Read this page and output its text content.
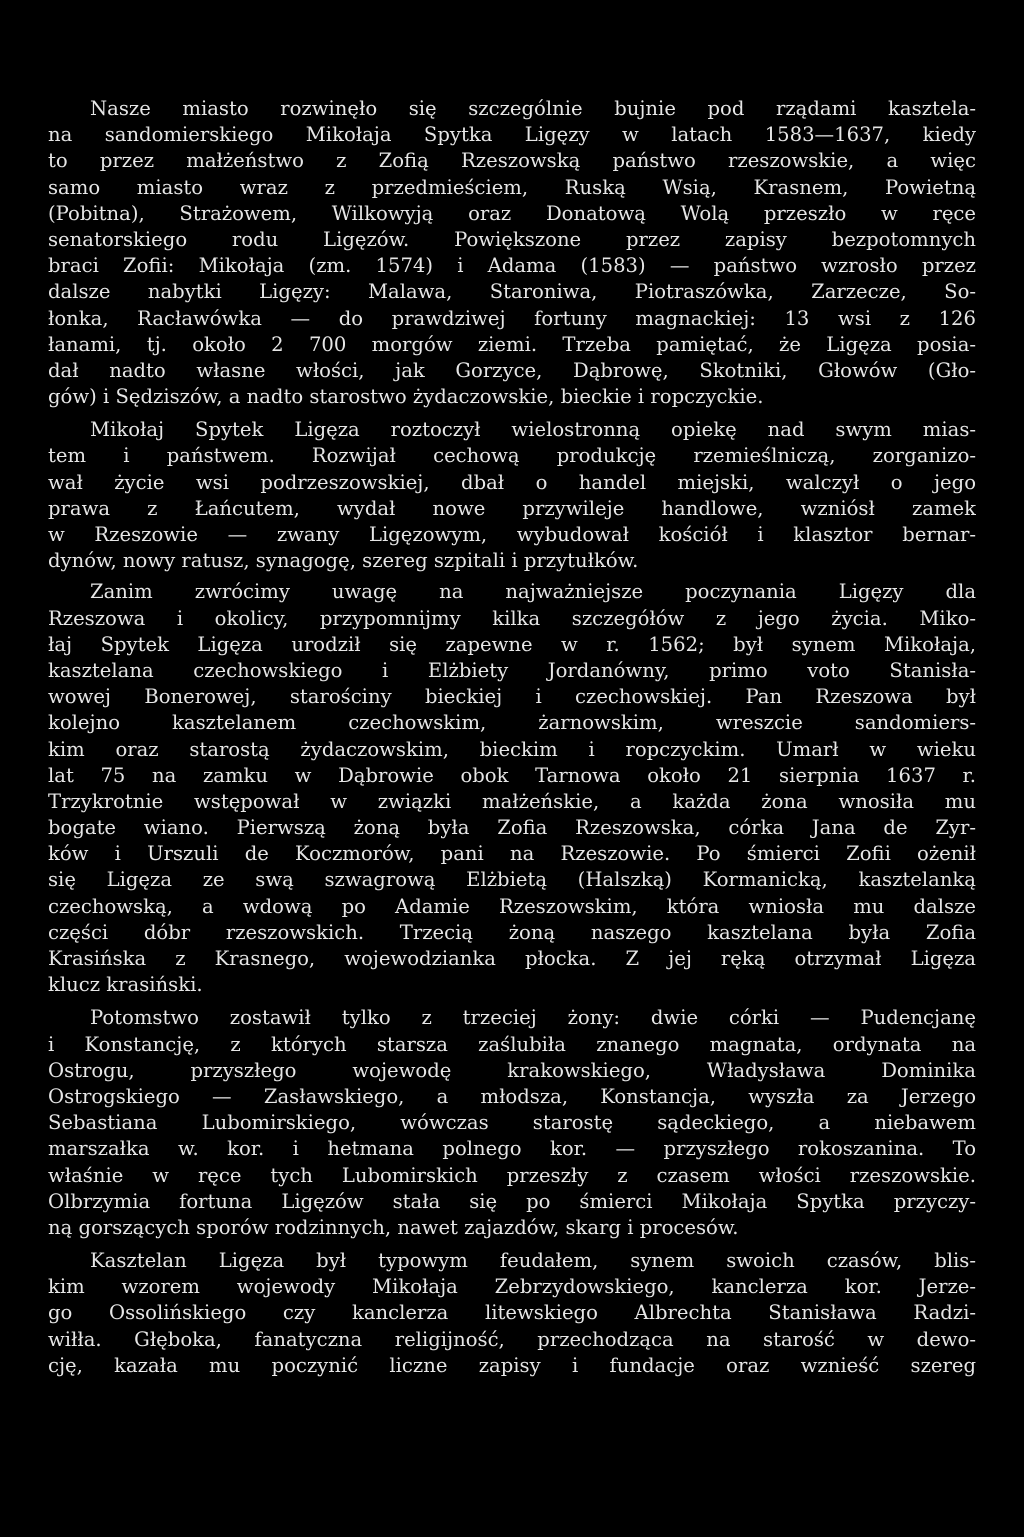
Nasze miasto rozwinęło się szczególnie bujnie pod rządami kasztela-
na sandomierskiego Mikołaja Spytka Ligęzy w latach 1583—1637, kiedy
to przez małżeństwo z Zofią Rzeszowską państwo rzeszowskie, a więc
samo miasto wraz z przedmieściem, Ruską Wsią, Krasnem, Powietną
(Pobitna), Strażowem, Wilkowyją oraz Donatową Wolą przeszło w ręce
senatorskiego rodu Ligęzów. Powiększone przez zapisy bezpotomnych
braci Zofii: Mikołaja (zm. 1574) i Adama (1583) — państwo wzrosło przez
dalsze nabytki Ligęzy: Malawa, Staroniwa, Piotraszówka, Zarzecze, So-
łonka, Racławówka — do prawdziwej fortuny magnackiej: 13 wsi z 126
łanami, tj. około 2 700 morgów ziemi. Trzeba pamiętać, że Ligęza posia-
dał nadto własne włości, jak Gorzyce, Dąbrowę, Skotniki, Głowów (Gło-
gów) i Sędziszów, a nadto starostwo żydaczowskie, bieckie i ropczyckie.
Mikołaj Spytek Ligęza roztoczył wielostronną opiekę nad swym mias-
tem i państwem. Rozwijał cechową produkcję rzemieślniczą, zorganizo-
wał życie wsi podrzeszowskiej, dbał o handel miejski, walczył o jego
prawa z Łańcutem, wydał nowe przywileje handlowe, wzniósł zamek
w Rzeszowie — zwany Ligęzowym, wybudował kościół i klasztor bernar-
dynów, nowy ratusz, synagogę, szereg szpitali i przytułków.
Zanim zwrócimy uwagę na najważniejsze poczynania Ligęzy dla
Rzeszowa i okolicy, przypomnijmy kilka szczegółów z jego życia. Miko-
łaj Spytek Ligęza urodził się zapewne w r. 1562; był synem Mikołaja,
kasztelana czechowskiego i Elżbiety Jordanówny, primo voto Stanisła-
wowej Bonerowej, starościny bieckiej i czechowskiej. Pan Rzeszowa był
kolejno kasztelanem czechowskim, żarnowskim, wreszcie sandomiers-
kim oraz starostą żydaczowskim, bieckim i ropczyckim. Umarł w wieku
lat 75 na zamku w Dąbrowie obok Tarnowa około 21 sierpnia 1637 r.
Trzykrotnie wstępował w związki małżeńskie, a każda żona wnosiła mu
bogate wiano. Pierwszą żoną była Zofia Rzeszowska, córka Jana de Zyr-
ków i Urszuli de Koczmorów, pani na Rzeszowie. Po śmierci Zofii ożenił
się Ligęza ze swą szwagrową Elżbietą (Halszką) Kormanicką, kasztelanką
czechowską, a wdową po Adamie Rzeszowskim, która wniosła mu dalsze
części dóbr rzeszowskich. Trzecią żoną naszego kasztelana była Zofia
Krasińska z Krasnego, wojewodzianka płocka. Z jej ręką otrzymał Ligęza
klucz krasiński.
Potomstwo zostawił tylko z trzeciej żony: dwie córki — Pudencjanę
i Konstancję, z których starsza zaślubiła znanego magnata, ordynata na
Ostrogu, przyszłego wojewodę krakowskiego, Władysława Dominika
Ostrogskiego — Zasławskiego, a młodsza, Konstancja, wyszła za Jerzego
Sebastiana Lubomirskiego, wówczas starostę sądeckiego, a niebawem
marszałka w. kor. i hetmana polnego kor. — przyszłego rokoszanina. To
właśnie w ręce tych Lubomirskich przeszły z czasem włości rzeszowskie.
Olbrzymia fortuna Ligęzów stała się po śmierci Mikołaja Spytka przyczy-
ną gorszących sporów rodzinnych, nawet zajazdów, skarg i procesów.
Kasztelan Ligęza był typowym feudałem, synem swoich czasów, blis-
kim wzorem wojewody Mikołaja Zebrzydowskiego, kanclerza kor. Jerze-
go Ossolińskiego czy kanclerza litewskiego Albrechta Stanisława Radzi-
wiłła. Głęboka, fanatyczna religijność, przechodząca na starość w dewo-
cję, kazała mu poczynić liczne zapisy i fundacje oraz wznieść szereg
